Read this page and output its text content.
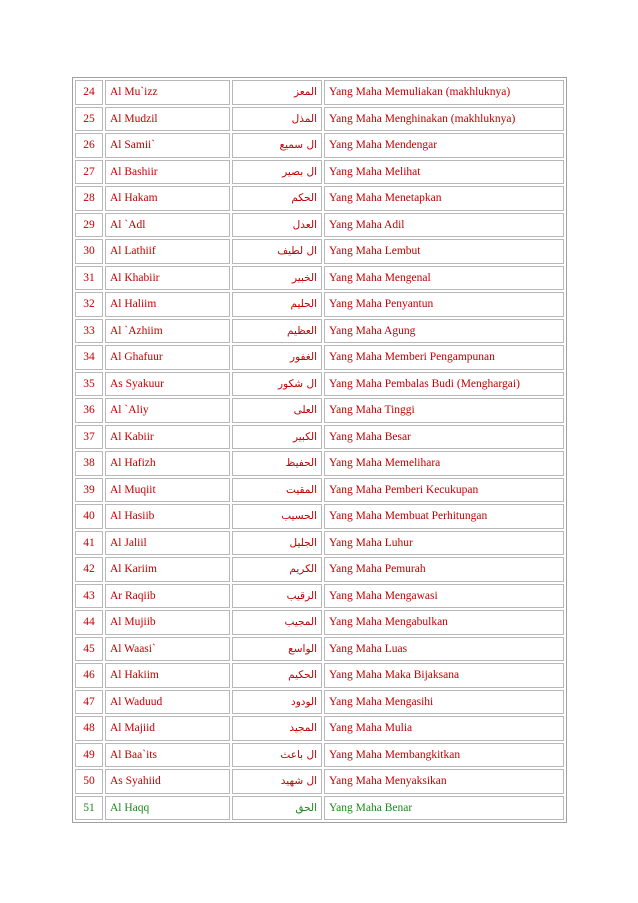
24	Al Mu`izz	المعز	Yang Maha Memuliakan (makhluknya)
25	Al Mudzil	المذل	Yang Maha Menghinakan (makhluknya)
26	Al Samii`	ال سميع	Yang Maha Mendengar
27	Al Bashiir	ال بصير	Yang Maha Melihat
28	Al Hakam	الحكم	Yang Maha Menetapkan
29	Al `Adl	العدل	Yang Maha Adil
30	Al Lathiif	ال لطيف	Yang Maha Lembut
31	Al Khabiir	الخبير	Yang Maha Mengenal
32	Al Haliim	الحليم	Yang Maha Penyantun
33	Al `Azhiim	العظيم	Yang Maha Agung
34	Al Ghafuur	الغفور	Yang Maha Memberi Pengampunan
35	As Syakuur	ال شكور	Yang Maha Pembalas Budi (Menghargai)
36	Al `Aliy	العلى	Yang Maha Tinggi
37	Al Kabiir	الكبير	Yang Maha Besar
38	Al Hafizh	الحفيظ	Yang Maha Memelihara
39	Al Muqiit	المقيت	Yang Maha Pemberi Kecukupan
40	Al Hasiib	الحسيب	Yang Maha Membuat Perhitungan
41	Al Jaliil	الجليل	Yang Maha Luhur
42	Al Kariim	الكريم	Yang Maha Pemurah
43	Ar Raqiib	الرقيب	Yang Maha Mengawasi
44	Al Mujiib	المجيب	Yang Maha Mengabulkan
45	Al Waasi`	الواسع	Yang Maha Luas
46	Al Hakiim	الحكيم	Yang Maha Maka Bijaksana
47	Al Waduud	الودود	Yang Maha Mengasihi
48	Al Majiid	المجيد	Yang Maha Mulia
49	Al Baa`its	ال باعث	Yang Maha Membangkitkan
50	As Syahiid	ال شهيد	Yang Maha Menyaksikan
51	Al Haqq	الحق	Yang Maha Benar
